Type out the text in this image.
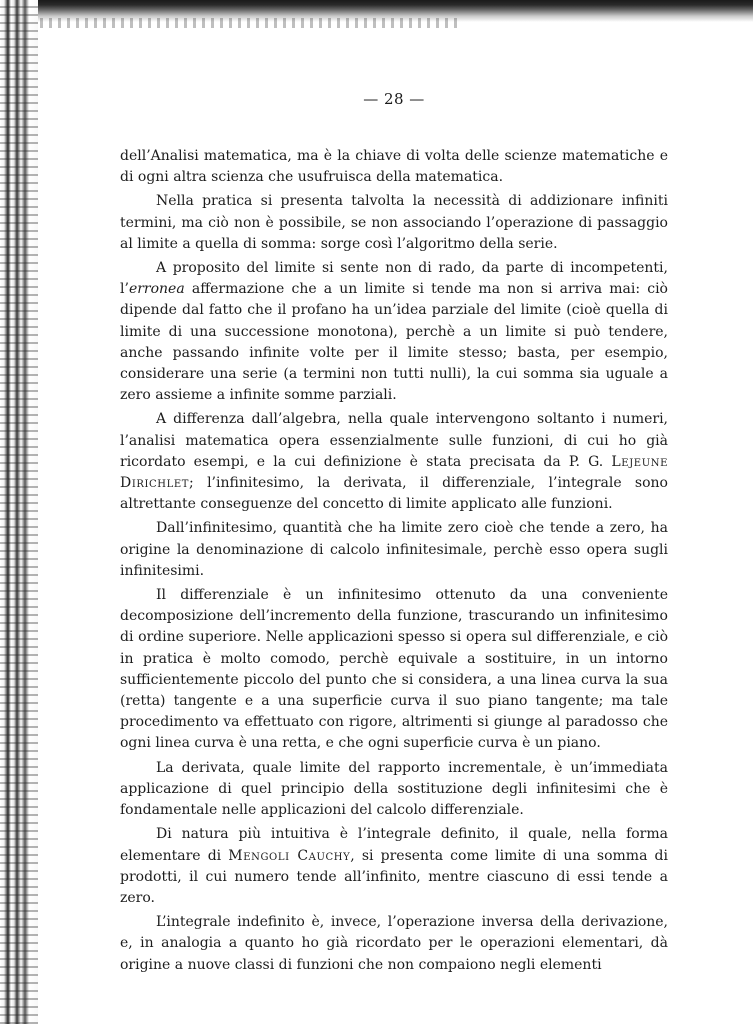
— 28 —

dell’Analisi matematica, ma è la chiave di volta delle scienze matematiche e di ogni altra scienza che usufruisca della matematica.

Nella pratica si presenta talvolta la necessità di addizionare infiniti termini, ma ciò non è possibile, se non associando l’operazione di passaggio al limite a quella di somma: sorge così l’algoritmo della serie.

A proposito del limite si sente non di rado, da parte di incompetenti, l’erronea affermazione che a un limite si tende ma non si arriva mai: ciò dipende dal fatto che il profano ha un’idea parziale del limite (cioè quella di limite di una successione monotona), perchè a un limite si può tendere, anche passando infinite volte per il limite stesso; basta, per esempio, considerare una serie (a termini non tutti nulli), la cui somma sia uguale a zero assieme a infinite somme parziali.

A differenza dall’algebra, nella quale intervengono soltanto i numeri, l’analisi matematica opera essenzialmente sulle funzioni, di cui ho già ricordato esempi, e la cui definizione è stata precisata da P. G. Lejeune Dirichlet; l’infinitesimo, la derivata, il differenziale, l’integrale sono altrettante conseguenze del concetto di limite applicato alle funzioni.

Dall’infinitesimo, quantità che ha limite zero cioè che tende a zero, ha origine la denominazione di calcolo infinitesimale, perchè esso opera sugli infinitesimi.

Il differenziale è un infinitesimo ottenuto da una conveniente decomposizione dell’incremento della funzione, trascurando un infinitesimo di ordine superiore. Nelle applicazioni spesso si opera sul differenziale, e ciò in pratica è molto comodo, perchè equivale a sostituire, in un intorno sufficientemente piccolo del punto che si considera, a una linea curva la sua (retta) tangente e a una superficie curva il suo piano tangente; ma tale procedimento va effettuato con rigore, altrimenti si giunge al paradosso che ogni linea curva è una retta, e che ogni superficie curva è un piano.

La derivata, quale limite del rapporto incrementale, è un’immediata applicazione di quel principio della sostituzione degli infinitesimi che è fondamentale nelle applicazioni del calcolo differenziale.

Di natura più intuitiva è l’integrale definito, il quale, nella forma elementare di Mengoli Cauchy, si presenta come limite di una somma di prodotti, il cui numero tende all’infinito, mentre ciascuno di essi tende a zero.

L’integrale indefinito è, invece, l’operazione inversa della derivazione, e, in analogia a quanto ho già ricordato per le operazioni elementari, dà origine a nuove classi di funzioni che non compaiono negli elementi
